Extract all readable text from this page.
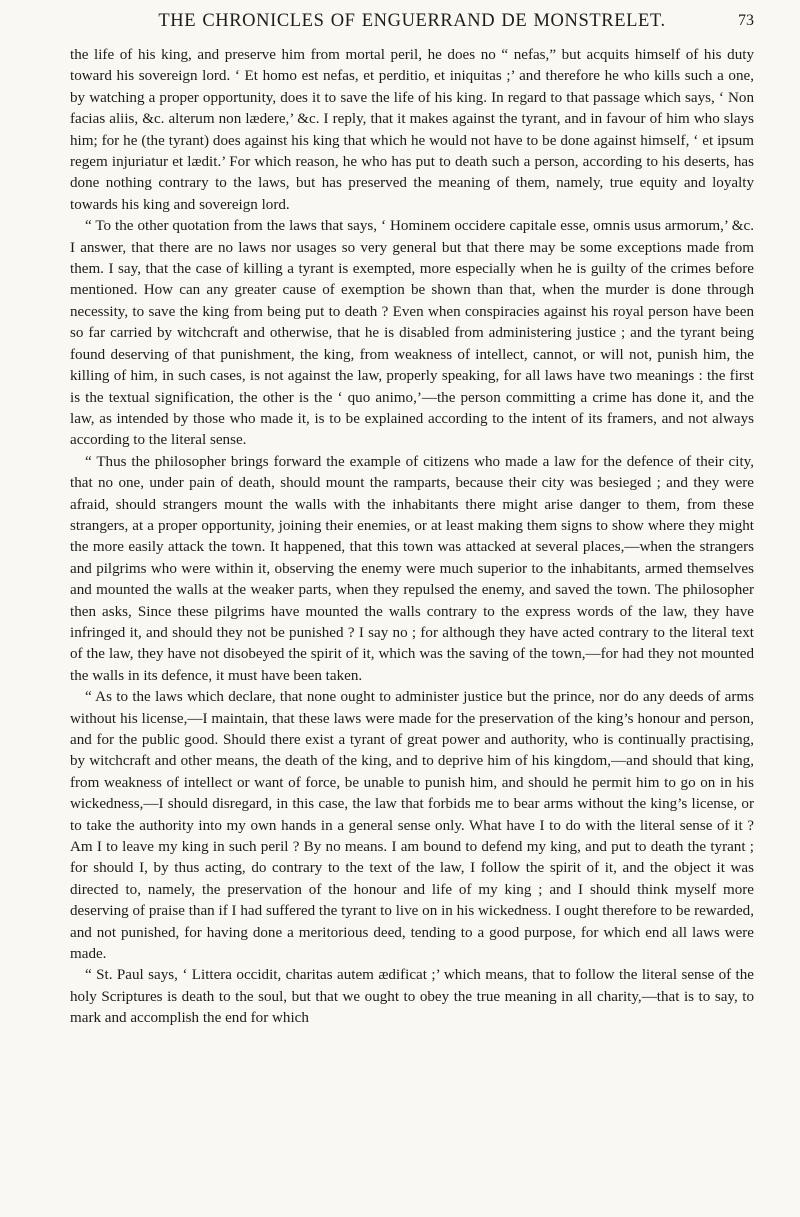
THE CHRONICLES OF ENGUERRAND DE MONSTRELET.	73

the life of his king, and preserve him from mortal peril, he does no “ nefas,” but acquits himself of his duty toward his sovereign lord. ‘ Et homo est nefas, et perditio, et iniquitas ;’ and therefore he who kills such a one, by watching a proper opportunity, does it to save the life of his king. In regard to that passage which says, ‘ Non facias aliis, &c. alterum non lædere,’ &c. I reply, that it makes against the tyrant, and in favour of him who slays him; for he (the tyrant) does against his king that which he would not have to be done against himself, ‘ et ipsum regem injuriatur et lædit.’ For which reason, he who has put to death such a person, according to his deserts, has done nothing contrary to the laws, but has preserved the meaning of them, namely, true equity and loyalty towards his king and sovereign lord.

“ To the other quotation from the laws that says, ‘ Hominem occidere capitale esse, omnis usus armorum,’ &c. I answer, that there are no laws nor usages so very general but that there may be some exceptions made from them. I say, that the case of killing a tyrant is exempted, more especially when he is guilty of the crimes before mentioned. How can any greater cause of exemption be shown than that, when the murder is done through necessity, to save the king from being put to death ? Even when conspiracies against his royal person have been so far carried by witchcraft and otherwise, that he is disabled from administering justice ; and the tyrant being found deserving of that punishment, the king, from weakness of intellect, cannot, or will not, punish him, the killing of him, in such cases, is not against the law, properly speaking, for all laws have two meanings : the first is the textual signification, the other is the ‘ quo animo,’—the person committing a crime has done it, and the law, as intended by those who made it, is to be explained according to the intent of its framers, and not always according to the literal sense.

“ Thus the philosopher brings forward the example of citizens who made a law for the defence of their city, that no one, under pain of death, should mount the ramparts, because their city was besieged ; and they were afraid, should strangers mount the walls with the inhabitants there might arise danger to them, from these strangers, at a proper opportunity, joining their enemies, or at least making them signs to show where they might the more easily attack the town. It happened, that this town was attacked at several places,—when the strangers and pilgrims who were within it, observing the enemy were much superior to the inhabitants, armed themselves and mounted the walls at the weaker parts, when they repulsed the enemy, and saved the town. The philosopher then asks, Since these pilgrims have mounted the walls contrary to the express words of the law, they have infringed it, and should they not be punished ? I say no ; for although they have acted contrary to the literal text of the law, they have not disobeyed the spirit of it, which was the saving of the town,—for had they not mounted the walls in its defence, it must have been taken.

“ As to the laws which declare, that none ought to administer justice but the prince, nor do any deeds of arms without his license,—I maintain, that these laws were made for the preservation of the king’s honour and person, and for the public good. Should there exist a tyrant of great power and authority, who is continually practising, by witchcraft and other means, the death of the king, and to deprive him of his kingdom,—and should that king, from weakness of intellect or want of force, be unable to punish him, and should he permit him to go on in his wickedness,—I should disregard, in this case, the law that forbids me to bear arms without the king’s license, or to take the authority into my own hands in a general sense only. What have I to do with the literal sense of it ? Am I to leave my king in such peril ? By no means. I am bound to defend my king, and put to death the tyrant ; for should I, by thus acting, do contrary to the text of the law, I follow the spirit of it, and the object it was directed to, namely, the preservation of the honour and life of my king ; and I should think myself more deserving of praise than if I had suffered the tyrant to live on in his wickedness. I ought therefore to be rewarded, and not punished, for having done a meritorious deed, tending to a good purpose, for which end all laws were made.

“ St. Paul says, ‘ Littera occidit, charitas autem ædificat ;’ which means, that to follow the literal sense of the holy Scriptures is death to the soul, but that we ought to obey the true meaning in all charity,—that is to say, to mark and accomplish the end for which
